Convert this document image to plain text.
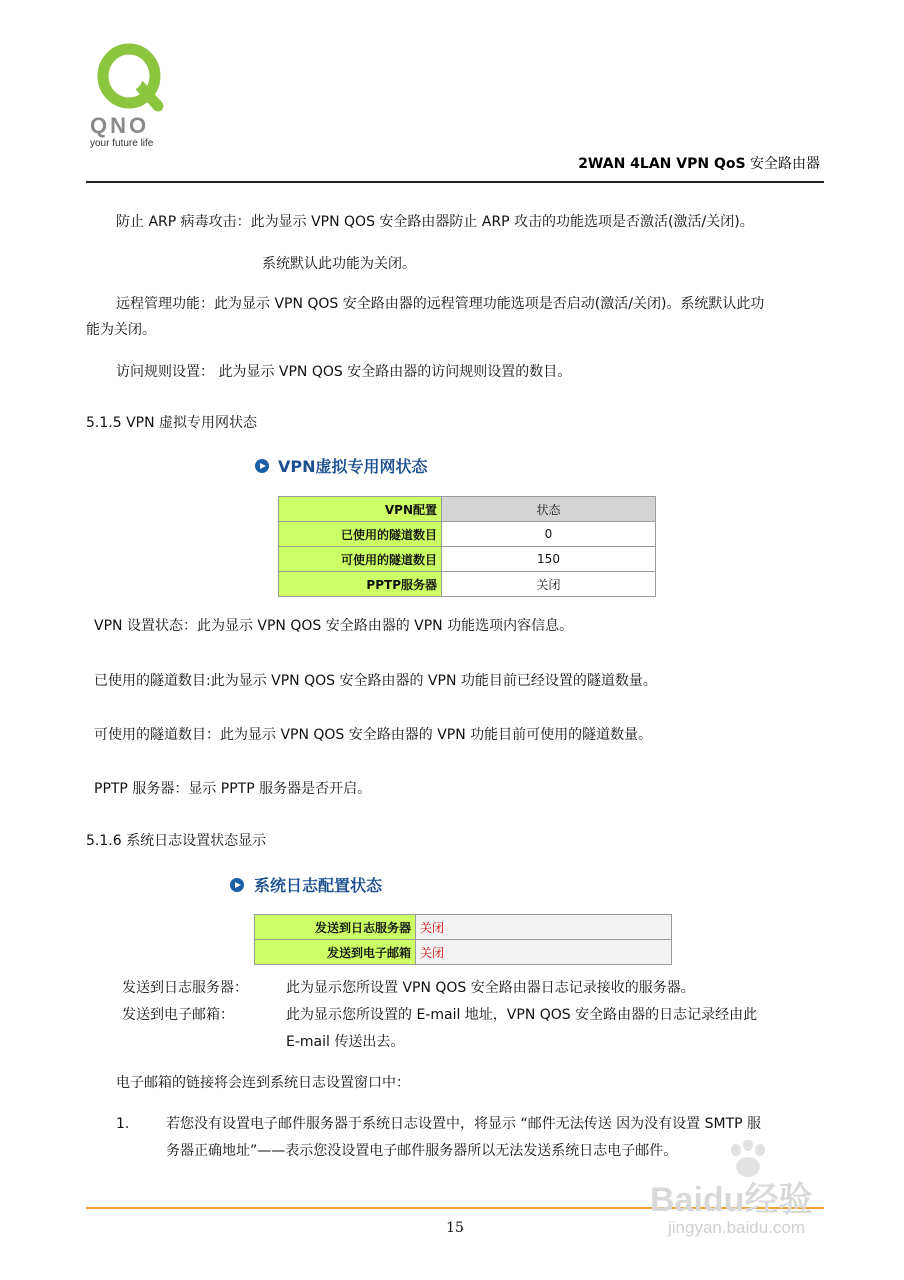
QNO
your future life
2WAN 4LAN VPN QoS 安全路由器
防止 ARP 病毒攻击：此为显示 VPN QOS 安全路由器防止 ARP 攻击的功能选项是否激活(激活/关闭)。
系统默认此功能为关闭。
远程管理功能：此为显示 VPN QOS 安全路由器的远程管理功能选项是否启动(激活/关闭)。系统默认此功
能为关闭。
访问规则设置： 此为显示 VPN QOS 安全路由器的访问规则设置的数目。
5.1.5 VPN 虚拟专用网状态
VPN虚拟专用网状态
VPN配置	状态
已使用的隧道数目	0
可使用的隧道数目	150
PPTP服务器	关闭
VPN 设置状态：此为显示 VPN QOS 安全路由器的 VPN 功能选项内容信息。
已使用的隧道数目:此为显示 VPN QOS 安全路由器的 VPN 功能目前已经设置的隧道数量。
可使用的隧道数目：此为显示 VPN QOS 安全路由器的 VPN 功能目前可使用的隧道数量。
PPTP 服务器：显示 PPTP 服务器是否开启。
5.1.6 系统日志设置状态显示
系统日志配置状态
发送到日志服务器	关闭
发送到电子邮箱	关闭
发送到日志服务器：	此为显示您所设置 VPN QOS 安全路由器日志记录接收的服务器。
发送到电子邮箱：	此为显示您所设置的 E-mail 地址，VPN QOS 安全路由器的日志记录经由此
E-mail 传送出去。
电子邮箱的链接将会连到系统日志设置窗口中：
1.	若您没有设置电子邮件服务器于系统日志设置中，将显示 “邮件无法传送 因为没有设置 SMTP 服
务器正确地址”——表示您没设置电子邮件服务器所以无法发送系统日志电子邮件。
15
Baidu经验
jingyan.baidu.com
